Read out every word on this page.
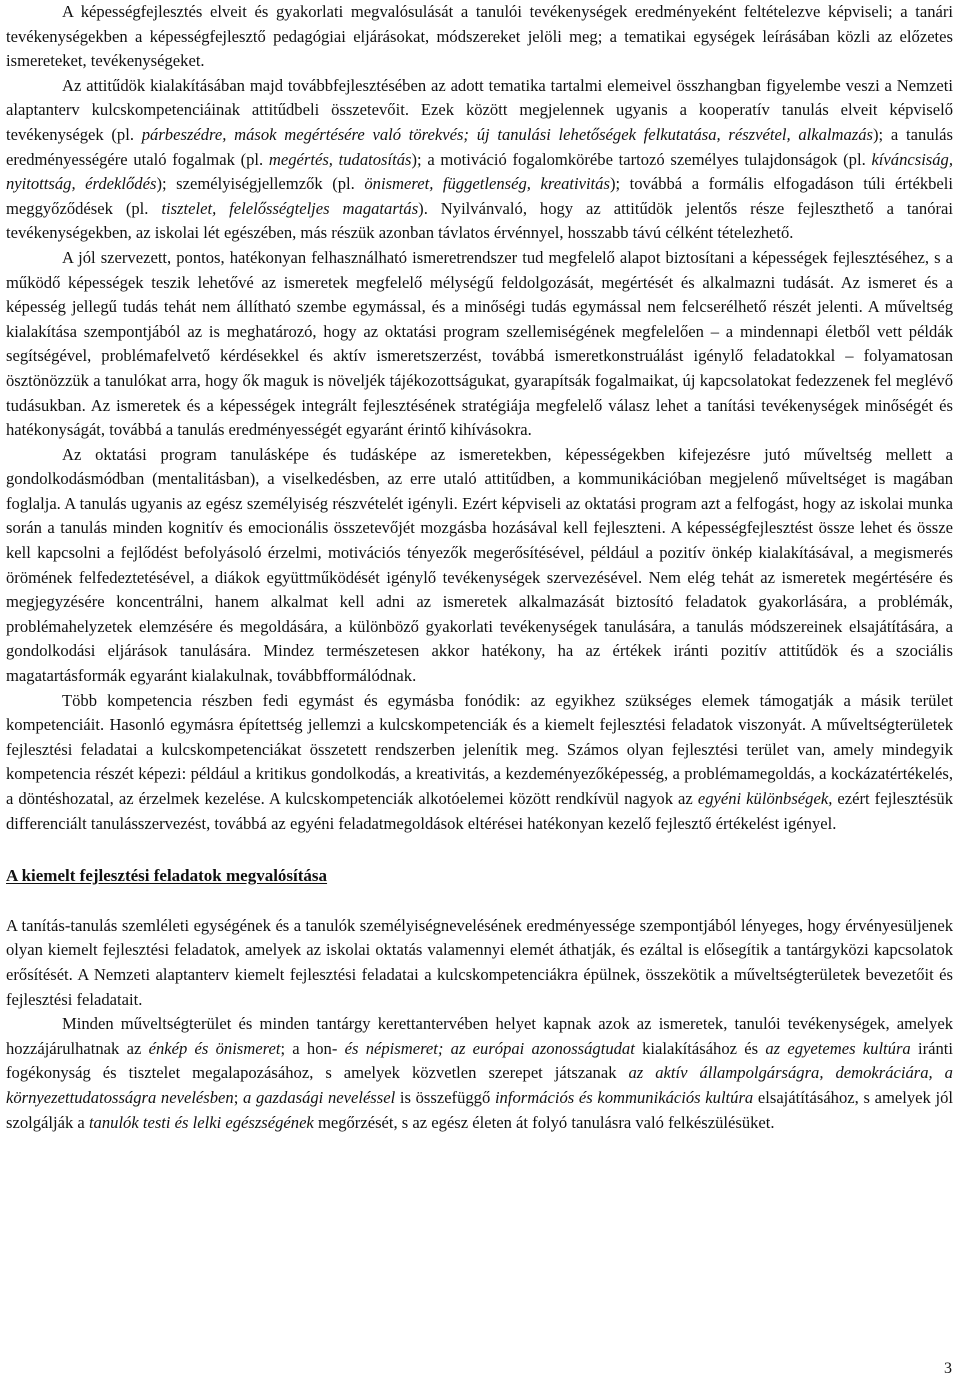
A képességfejlesztés elveit és gyakorlati megvalósulását a tanulói tevékenységek eredményeként feltételezve képviseli; a tanári tevékenységekben a képességfejlesztő pedagógiai eljárásokat, módszereket jelöli meg; a tematikai egységek leírásában közli az előzetes ismereteket, tevékenységeket.

Az attitűdök kialakításában majd továbbfejlesztésében az adott tematika tartalmi elemeivel összhangban figyelembe veszi a Nemzeti alaptanterv kulcskompetenciáinak attitűdbeli összetevőit. Ezek között megjelennek ugyanis a kooperatív tanulás elveit képviselő tevékenységek (pl. párbeszédre, mások megértésére való törekvés; új tanulási lehetőségek felkutatása, részvétel, alkalmazás); a tanulás eredményességére utaló fogalmak (pl. megértés, tudatosítás); a motiváció fogalomkörébe tartozó személyes tulajdonságok (pl. kíváncsiság, nyitottság, érdeklődés); személyiségjellemzők (pl. önismeret, függetlenség, kreativitás); továbbá a formális elfogadáson túli értékbeli meggyőződések (pl. tisztelet, felelősségteljes magatartás). Nyilvánvaló, hogy az attitűdök jelentős része fejleszthető a tanórai tevékenységekben, az iskolai lét egészében, más részük azonban távlatos érvénnyel, hosszabb távú célként tételezhető.

A jól szervezett, pontos, hatékonyan felhasználható ismeretrendszer tud megfelelő alapot biztosítani a képességek fejlesztéséhez, s a működő képességek teszik lehetővé az ismeretek megfelelő mélységű feldolgozását, megértését és alkalmazni tudását. Az ismeret és a képesség jellegű tudás tehát nem állítható szembe egymással, és a minőségi tudás egymással nem felcserélhető részét jelenti. A műveltség kialakítása szempontjából az is meghatározó, hogy az oktatási program szellemiségének megfelelően – a mindennapi életből vett példák segítségével, problémafelvető kérdésekkel és aktív ismeretszerzést, továbbá ismeretkonstruálást igénylő feladatokkal – folyamatosan ösztönözzük a tanulókat arra, hogy ők maguk is növeljék tájékozottságukat, gyarapítsák fogalmaikat, új kapcsolatokat fedezzenek fel meglévő tudásukban. Az ismeretek és a képességek integrált fejlesztésének stratégiája megfelelő válasz lehet a tanítási tevékenységek minőségét és hatékonyságát, továbbá a tanulás eredményességét egyaránt érintő kihívásokra.

Az oktatási program tanulásképe és tudásképe az ismeretekben, képességekben kifejezésre jutó műveltség mellett a gondolkodásmódban (mentalitásban), a viselkedésben, az erre utaló attitűdben, a kommunikációban megjelenő műveltséget is magában foglalja. A tanulás ugyanis az egész személyiség részvételét igényli. Ezért képviseli az oktatási program azt a felfogást, hogy az iskolai munka során a tanulás minden kognitív és emocionális összetevőjét mozgásba hozásával kell fejleszteni. A képességfejlesztést össze lehet és össze kell kapcsolni a fejlődést befolyásoló érzelmi, motivációs tényezők megerősítésével, például a pozitív önkép kialakításával, a megismerés örömének felfedeztetésével, a diákok együttműködését igénylő tevékenységek szervezésével. Nem elég tehát az ismeretek megértésére és megjegyzésére koncentrálni, hanem alkalmat kell adni az ismeretek alkalmazását biztosító feladatok gyakorlására, a problémák, problémahelyzetek elemzésére és megoldására, a különböző gyakorlati tevékenységek tanulására, a tanulás módszereinek elsajátítására, a gondolkodási eljárások tanulására. Mindez természetesen akkor hatékony, ha az értékek iránti pozitív attitűdök és a szociális magatartásformák egyaránt kialakulnak, továbbfformálódnak.

Több kompetencia részben fedi egymást és egymásba fonódik: az egyikhez szükséges elemek támogatják a másik terület kompetenciáit. Hasonló egymásra építettség jellemzi a kulcskompetenciák és a kiemelt fejlesztési feladatok viszonyát. A műveltségterületek fejlesztési feladatai a kulcskompetenciákat összetett rendszerben jelenítik meg. Számos olyan fejlesztési terület van, amely mindegyik kompetencia részét képezi: például a kritikus gondolkodás, a kreativitás, a kezdeményezőképesség, a problémamegoldás, a kockázatértékelés, a döntéshozatal, az érzelmek kezelése. A kulcskompetenciák alkotóelemei között rendkívül nagyok az egyéni különbségek, ezért fejlesztésük differenciált tanulásszervezést, továbbá az egyéni feladatmegoldások eltérései hatékonyan kezelő fejlesztő értékelést igényel.

A kiemelt fejlesztési feladatok megvalósítása

A tanítás-tanulás szemléleti egységének és a tanulók személyiségnevelésének eredményessége szempontjából lényeges, hogy érvényesüljenek olyan kiemelt fejlesztési feladatok, amelyek az iskolai oktatás valamennyi elemét áthatják, és ezáltal is elősegítik a tantárgyközi kapcsolatok erősítését. A Nemzeti alaptanterv kiemelt fejlesztési feladatai a kulcskompetenciákra épülnek, összekötik a műveltségterületek bevezetőit és fejlesztési feladatait.

Minden műveltségterület és minden tantárgy kerettantervében helyet kapnak azok az ismeretek, tanulói tevékenységek, amelyek hozzájárulhatnak az énkép és önismeret; a hon- és népismeret; az európai azonosságtudat kialakításához és az egyetemes kultúra iránti fogékonyság és tisztelet megalapozásához, s amelyek közvetlen szerepet játszanak az aktív állampolgárságra, demokráciára, a környezettudatosságra nevelésben; a gazdasági neveléssel is összefüggő információs és kommunikációs kultúra elsajátításához, s amelyek jól szolgálják a tanulók testi és lelki egészségének megőrzését, s az egész életen át folyó tanulásra való felkészülésüket.

3
